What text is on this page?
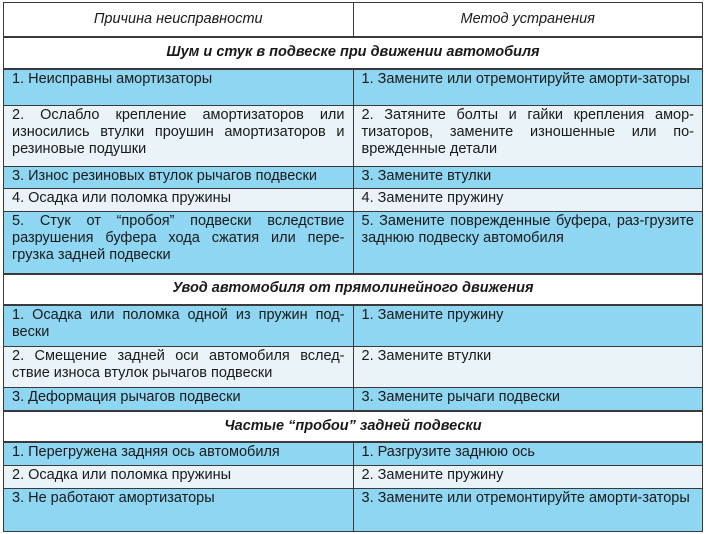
Причина неисправности	Метод устранения
Шум и стук в подвеске при движении автомобиля	
1. Неисправны амортизаторы	1. Замените или отремонтируйте аморти-заторы
2. Ослабло крепление амортизаторов или износились втулки проушин амортизаторов и резиновые подушки	2. Затяните болты и гайки крепления амор-тизаторов, замените изношенные или по-врежденные детали
3. Износ резиновых втулок рычагов подвески	3. Замените втулки
4. Осадка или поломка пружины	4. Замените пружину
5. Стук от “пробоя” подвески вследствие разрушения буфера хода сжатия или пере-грузка задней подвески	5. Замените поврежденные буфера, раз-грузите заднюю подвеску автомобиля
Увод автомобиля от прямолинейного движения	
1. Осадка или поломка одной из пружин под-вески	1. Замените пружину
2. Смещение задней оси автомобиля вслед-ствие износа втулок рычагов подвески	2. Замените втулки
3. Деформация рычагов подвески	3. Замените рычаги подвески
Частые “пробои” задней подвески	
1. Перегружена задняя ось автомобиля	1. Разгрузите заднюю ось
2. Осадка или поломка пружины	2. Замените пружину
3. Не работают амортизаторы	3. Замените или отремонтируйте аморти-заторы
